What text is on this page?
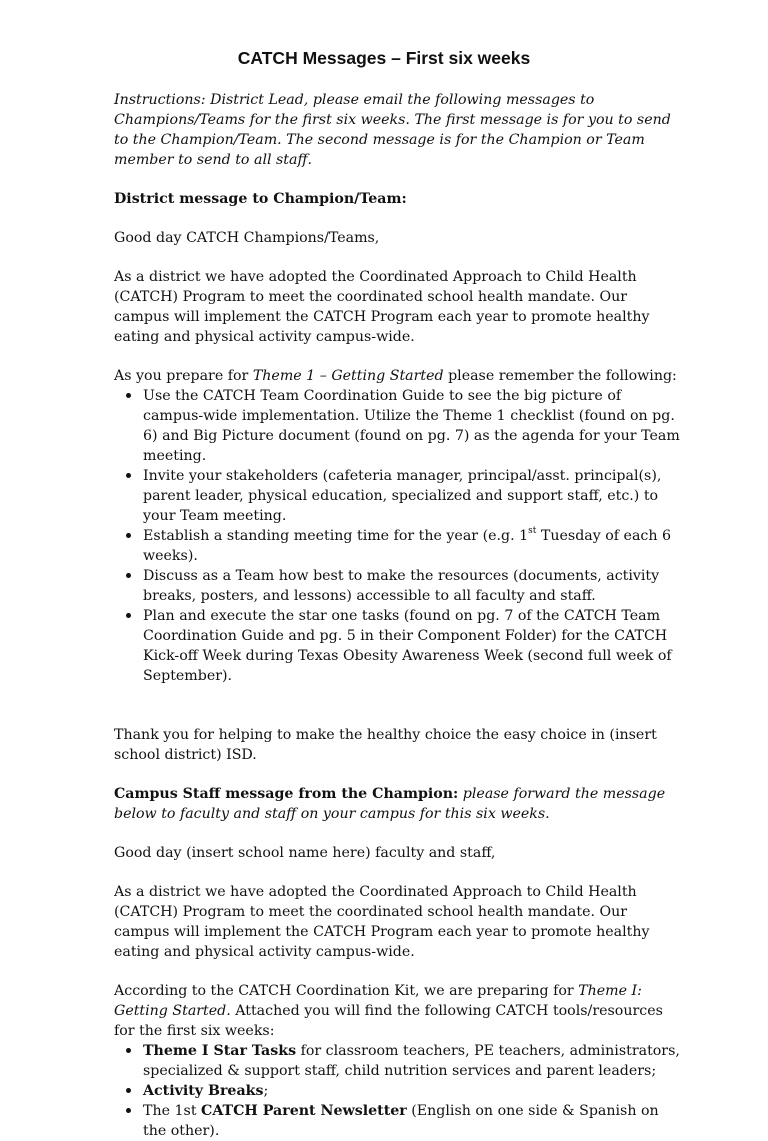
CATCH Messages – First six weeks

Instructions: District Lead, please email the following messages to Champions/Teams for the first six weeks. The first message is for you to send to the Champion/Team. The second message is for the Champion or Team member to send to all staff.

District message to Champion/Team:

Good day CATCH Champions/Teams,

As a district we have adopted the Coordinated Approach to Child Health (CATCH) Program to meet the coordinated school health mandate. Our campus will implement the CATCH Program each year to promote healthy eating and physical activity campus-wide.

As you prepare for Theme 1 – Getting Started please remember the following:
Use the CATCH Team Coordination Guide to see the big picture of campus-wide implementation. Utilize the Theme 1 checklist (found on pg. 6) and Big Picture document (found on pg. 7) as the agenda for your Team meeting.
Invite your stakeholders (cafeteria manager, principal/asst. principal(s), parent leader, physical education, specialized and support staff, etc.) to your Team meeting.
Establish a standing meeting time for the year (e.g. 1st Tuesday of each 6 weeks).
Discuss as a Team how best to make the resources (documents, activity breaks, posters, and lessons) accessible to all faculty and staff.
Plan and execute the star one tasks (found on pg. 7 of the CATCH Team Coordination Guide and pg. 5 in their Component Folder) for the CATCH Kick-off Week during Texas Obesity Awareness Week (second full week of September).

Thank you for helping to make the healthy choice the easy choice in (insert school district) ISD.

Campus Staff message from the Champion: please forward the message below to faculty and staff on your campus for this six weeks.

Good day (insert school name here) faculty and staff,

As a district we have adopted the Coordinated Approach to Child Health (CATCH) Program to meet the coordinated school health mandate. Our campus will implement the CATCH Program each year to promote healthy eating and physical activity campus-wide.

According to the CATCH Coordination Kit, we are preparing for Theme I: Getting Started. Attached you will find the following CATCH tools/resources for the first six weeks:
Theme I Star Tasks for classroom teachers, PE teachers, administrators, specialized & support staff, child nutrition services and parent leaders;
Activity Breaks;
The 1st CATCH Parent Newsletter (English on one side & Spanish on the other).
